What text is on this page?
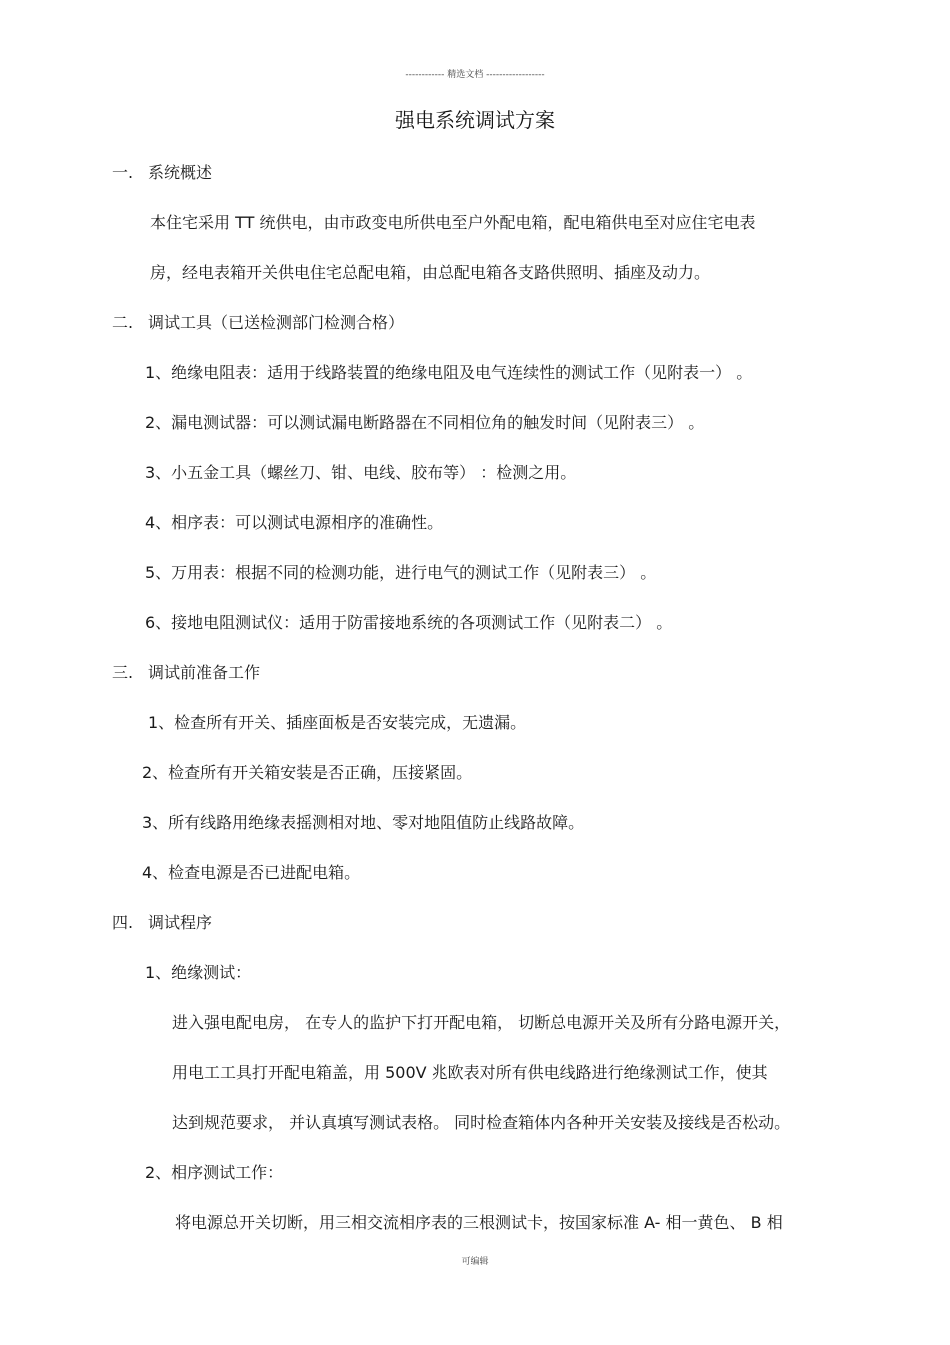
------------ 精选文档 ------------------
强电系统调试方案
一. 系统概述
本住宅采用 TT 统供电，由市政变电所供电至户外配电箱，配电箱供电至对应住宅电表
房，经电表箱开关供电住宅总配电箱，由总配电箱各支路供照明、插座及动力。
二. 调试工具（已送检测部门检测合格）
1、绝缘电阻表：适用于线路装置的绝缘电阻及电气连续性的测试工作（见附表一） 。
2、漏电测试器：可以测试漏电断路器在不同相位角的触发时间（见附表三） 。
3、小五金工具（螺丝刀、钳、电线、胶布等） ：检测之用。
4、相序表：可以测试电源相序的准确性。
5、万用表：根据不同的检测功能，进行电气的测试工作（见附表三） 。
6、接地电阻测试仪：适用于防雷接地系统的各项测试工作（见附表二） 。
三. 调试前准备工作
1、检查所有开关、插座面板是否安装完成，无遗漏。
2、检查所有开关箱安装是否正确，压接紧固。
3、所有线路用绝缘表摇测相对地、零对地阻值防止线路故障。
4、检查电源是否已进配电箱。
四. 调试程序
1、绝缘测试：
进入强电配电房， 在专人的监护下打开配电箱， 切断总电源开关及所有分路电源开关，
用电工工具打开配电箱盖，用 500V 兆欧表对所有供电线路进行绝缘测试工作，使其
达到规范要求， 并认真填写测试表格。 同时检查箱体内各种开关安装及接线是否松动。
2、相序测试工作：
将电源总开关切断，用三相交流相序表的三根测试卡，按国家标准 A- 相一黄色、 B 相
可编辑
